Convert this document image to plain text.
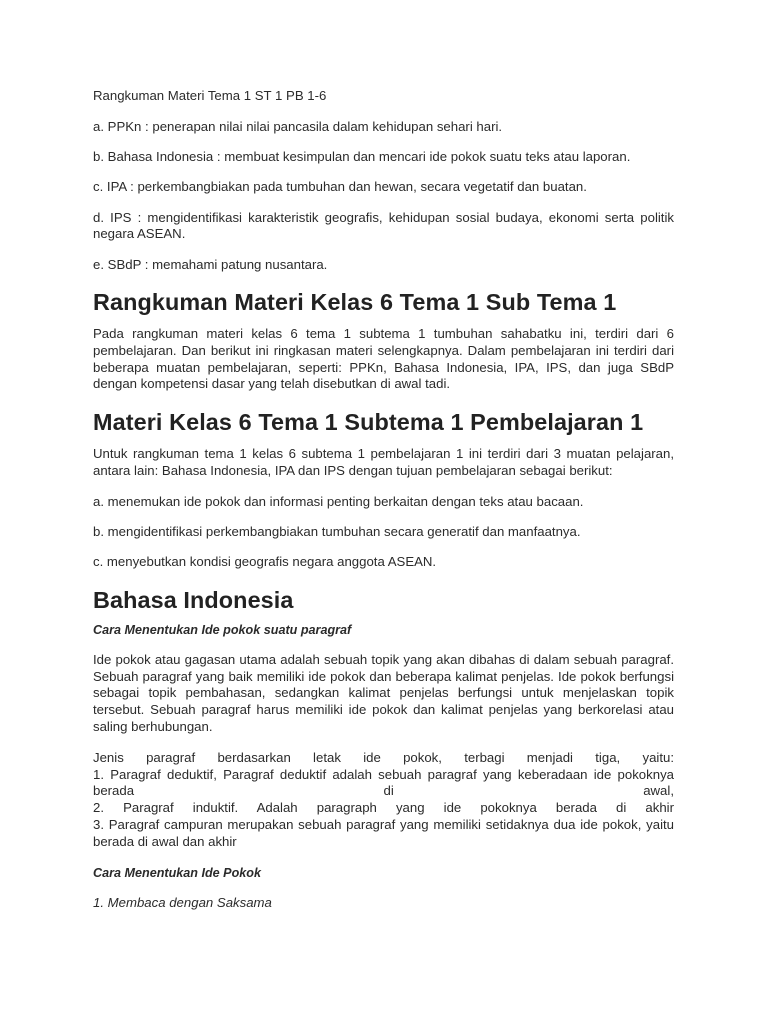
Rangkuman Materi Tema 1 ST 1 PB 1-6

a. PPKn : penerapan nilai nilai pancasila dalam kehidupan sehari hari.

b. Bahasa Indonesia : membuat kesimpulan dan mencari ide pokok suatu teks atau laporan.

c. IPA : perkembangbiakan pada tumbuhan dan hewan, secara vegetatif dan buatan.

d. IPS : mengidentifikasi karakteristik geografis, kehidupan sosial budaya, ekonomi serta politik negara ASEAN.

e. SBdP : memahami patung nusantara.

Rangkuman Materi Kelas 6 Tema 1 Sub Tema 1

Pada rangkuman materi kelas 6 tema 1 subtema 1 tumbuhan sahabatku ini, terdiri dari 6 pembelajaran. Dan berikut ini ringkasan materi selengkapnya. Dalam pembelajaran ini terdiri dari beberapa muatan pembelajaran, seperti: PPKn, Bahasa Indonesia, IPA, IPS, dan juga SBdP dengan kompetensi dasar yang telah disebutkan di awal tadi.

Materi Kelas 6 Tema 1 Subtema 1 Pembelajaran 1

Untuk rangkuman tema 1 kelas 6 subtema 1 pembelajaran 1 ini terdiri dari 3 muatan pelajaran, antara lain: Bahasa Indonesia, IPA dan IPS dengan tujuan pembelajaran sebagai berikut:

a. menemukan ide pokok dan informasi penting berkaitan dengan teks atau bacaan.

b. mengidentifikasi perkembangbiakan tumbuhan secara generatif dan manfaatnya.

c. menyebutkan kondisi geografis negara anggota ASEAN.

Bahasa Indonesia

Cara Menentukan Ide pokok suatu paragraf

Ide pokok atau gagasan utama adalah sebuah topik yang akan dibahas di dalam sebuah paragraf. Sebuah paragraf yang baik memiliki ide pokok dan beberapa kalimat penjelas. Ide pokok berfungsi sebagai topik pembahasan, sedangkan kalimat penjelas berfungsi untuk menjelaskan topik tersebut. Sebuah paragraf harus memiliki ide pokok dan kalimat penjelas yang berkorelasi atau saling berhubungan.

Jenis paragraf berdasarkan letak ide pokok, terbagi menjadi tiga, yaitu:

1. Paragraf deduktif, Paragraf deduktif adalah sebuah paragraf yang keberadaan ide pokoknya

berada di awal,

2. Paragraf induktif. Adalah paragraph yang ide pokoknya berada di akhir

3. Paragraf campuran merupakan sebuah paragraf yang memiliki setidaknya dua ide pokok, yaitu berada di awal dan akhir

Cara Menentukan Ide Pokok

1. Membaca dengan Saksama
